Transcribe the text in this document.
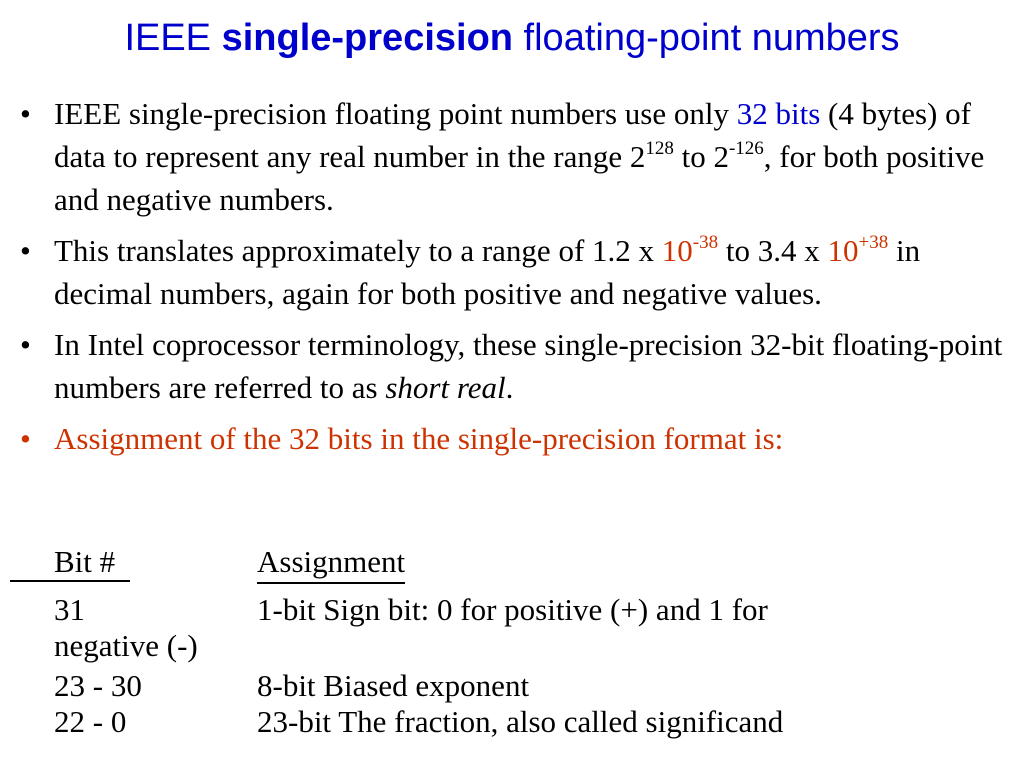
IEEE single-precision floating-point numbers
• IEEE single-precision floating point numbers use only 32 bits (4 bytes) of data to represent any real number in the range $2^{128}$ to $2^{-126}$, for both positive and negative numbers.
• This translates approximately to a range of 1.2 x $10^{-38}$ to 3.4 x $10^{+38}$ in decimal numbers, again for both positive and negative values.
• In Intel coprocessor terminology, these single-precision 32-bit floating-point numbers are referred to as short real.
• Assignment of the 32 bits in the single-precision format is:
Bit #	Assignment
31	1-bit Sign bit: 0 for positive (+) and 1 for
negative (-)
23 - 30	8-bit Biased exponent
22 - 0	23-bit The fraction, also called significand
